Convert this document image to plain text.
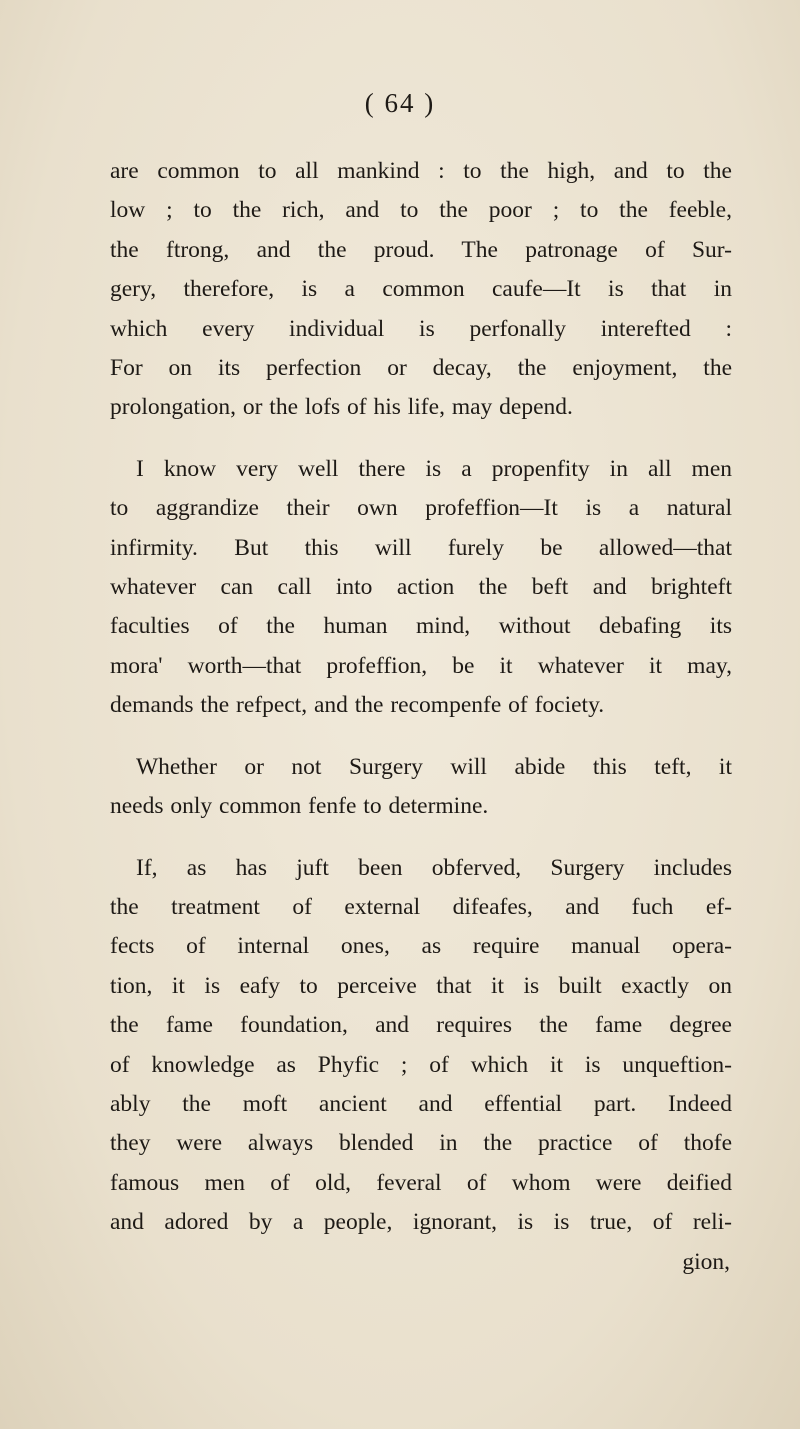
( 64 )

are common to all mankind : to the high, and to the
low ; to the rich, and to the poor ; to the feeble,
the ftrong, and the proud. The patronage of Sur-
gery, therefore, is a common caufe—It is that in
which every individual is perfonally interefted :
For on its perfection or decay, the enjoyment, the
prolongation, or the lofs of his life, may depend.

I know very well there is a propenfity in all men
to aggrandize their own profeffion—It is a natural
infirmity. But this will furely be allowed—that
whatever can call into action the beft and brighteft
faculties of the human mind, without debafing its
mora' worth—that profeffion, be it whatever it may,
demands the refpect, and the recompenfe of fociety.

Whether or not Surgery will abide this teft, it
needs only common fenfe to determine.

If, as has juft been obferved, Surgery includes
the treatment of external difeafes, and fuch ef-
fects of internal ones, as require manual opera-
tion, it is eafy to perceive that it is built exactly on
the fame foundation, and requires the fame degree
of knowledge as Phyfic ; of which it is unqueftion-
ably the moft ancient and effential part. Indeed
they were always blended in the practice of thofe
famous men of old, feveral of whom were deified
and adored by a people, ignorant, is is true, of reli-

gion,
